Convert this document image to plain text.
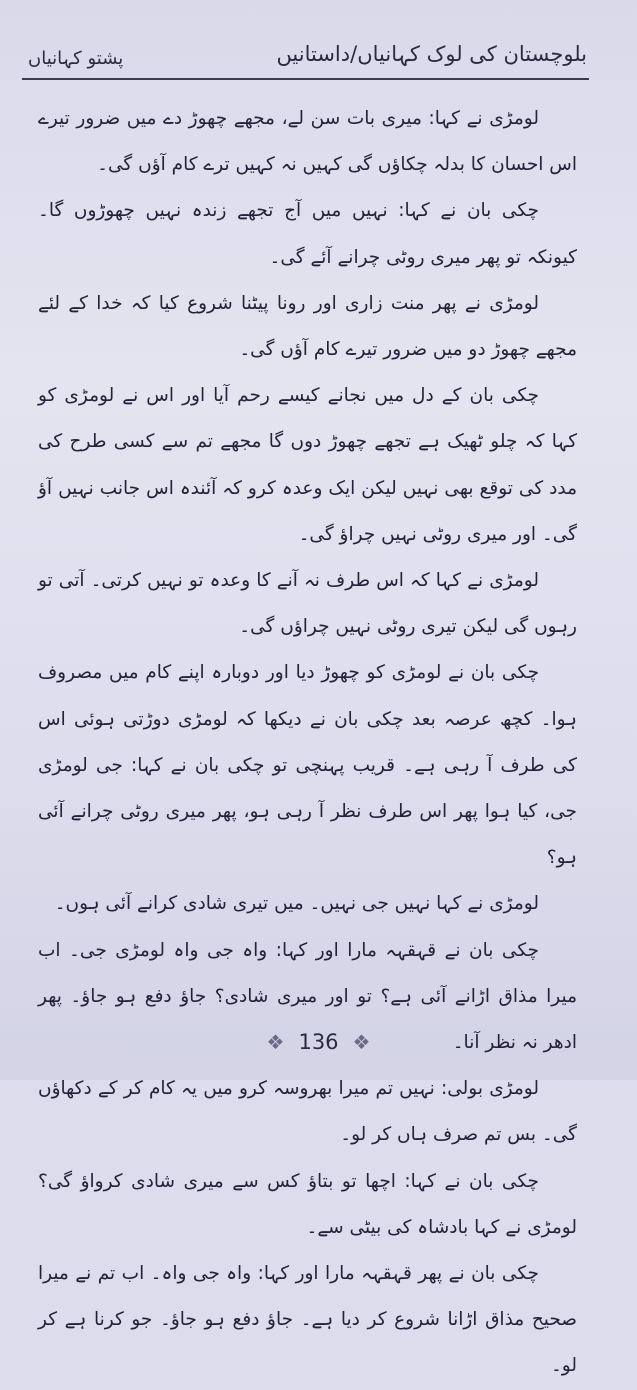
بلوچستان کی لوک کہانیاں/داستانیں
پشتو کہانیاں

لومڑی نے کہا: میری بات سن لے، مجھے چھوڑ دے میں ضرور تیرے اس احسان کا بدلہ چکاؤں گی کہیں نہ کہیں ترے کام آؤں گی۔

چکی بان نے کہا: نہیں میں آج تجھے زندہ نہیں چھوڑوں گا۔ کیونکہ تو پھر میری روٹی چرانے آئے گی۔

لومڑی نے پھر منت زاری اور رونا پیٹنا شروع کیا کہ خدا کے لئے مجھے چھوڑ دو میں ضرور تیرے کام آؤں گی۔

چکی بان کے دل میں نجانے کیسے رحم آیا اور اس نے لومڑی کو کہا کہ چلو ٹھیک ہے تجھے چھوڑ دوں گا مجھے تم سے کسی طرح کی مدد کی توقع بھی نہیں لیکن ایک وعدہ کرو کہ آئندہ اس جانب نہیں آؤ گی۔ اور میری روٹی نہیں چراؤ گی۔

لومڑی نے کہا کہ اس طرف نہ آنے کا وعدہ تو نہیں کرتی۔ آتی تو رہوں گی لیکن تیری روٹی نہیں چراؤں گی۔

چکی بان نے لومڑی کو چھوڑ دیا اور دوبارہ اپنے کام میں مصروف ہوا۔ کچھ عرصہ بعد چکی بان نے دیکھا کہ لومڑی دوڑتی ہوئی اس کی طرف آ رہی ہے۔ قریب پہنچی تو چکی بان نے کہا: جی لومڑی جی، کیا ہوا پھر اس طرف نظر آ رہی ہو، پھر میری روٹی چرانے آئی ہو؟

لومڑی نے کہا نہیں جی نہیں۔ میں تیری شادی کرانے آئی ہوں۔

چکی بان نے قہقہہ مارا اور کہا: واہ جی واہ لومڑی جی۔ اب میرا مذاق اڑانے آئی ہے؟ تو اور میری شادی؟ جاؤ دفع ہو جاؤ۔ پھر ادھر نہ نظر آنا۔

لومڑی بولی: نہیں تم میرا بھروسہ کرو میں یہ کام کر کے دکھاؤں گی۔ بس تم صرف ہاں کر لو۔

چکی بان نے کہا: اچھا تو بتاؤ کس سے میری شادی کرواؤ گی؟ لومڑی نے کہا بادشاہ کی بیٹی سے۔

چکی بان نے پھر قہقہہ مارا اور کہا: واہ جی واہ۔ اب تم نے میرا صحیح مذاق اڑانا شروع کر دیا ہے۔ جاؤ دفع ہو جاؤ۔ جو کرنا ہے کر لو۔

❖ 136 ❖
